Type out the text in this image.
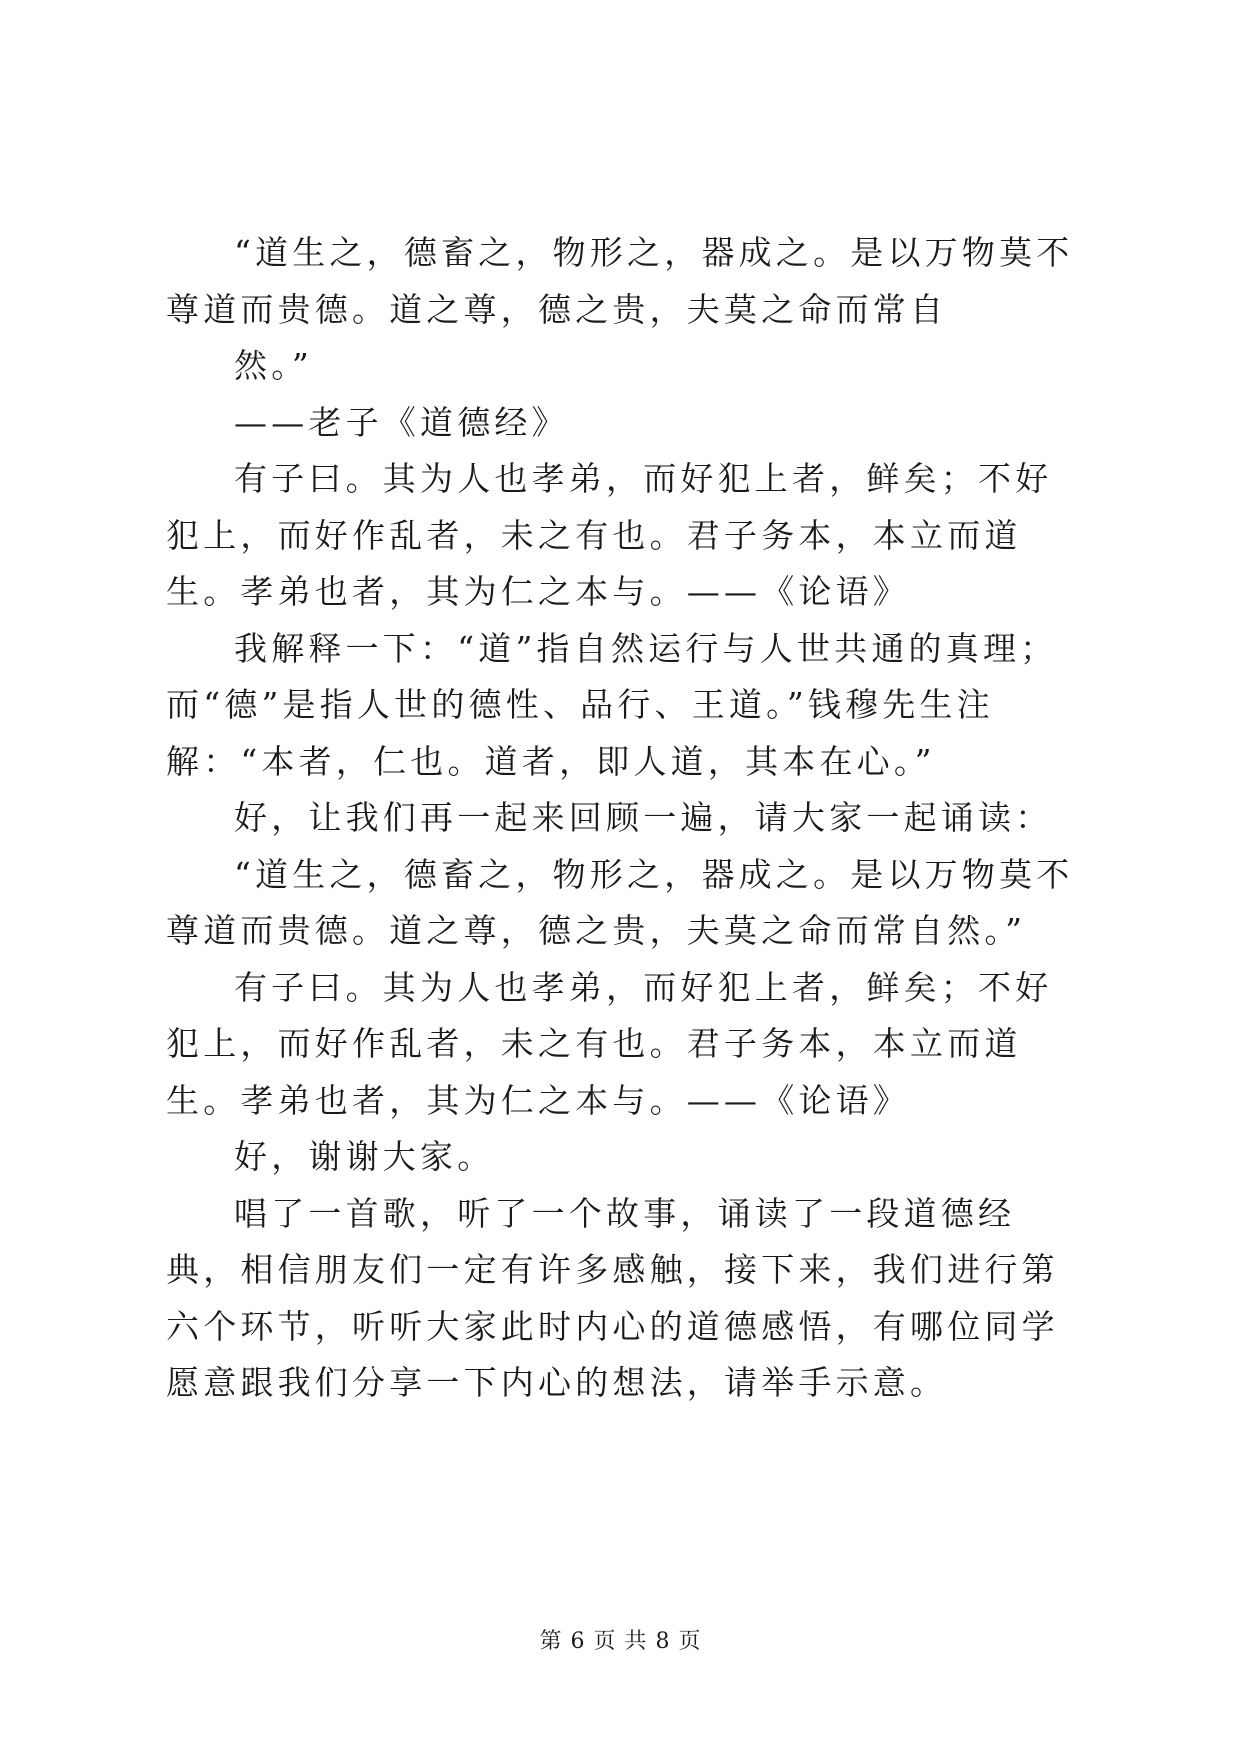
“道生之，德畜之，物形之，器成之。是以万物莫不尊道而贵德。道之尊，德之贵，夫莫之命而常自

然。”

——老子《道德经》

有子曰。其为人也孝弟，而好犯上者，鲜矣；不好犯上，而好作乱者，未之有也。君子务本，本立而道生。孝弟也者，其为仁之本与。——《论语》

我解释一下：“道”指自然运行与人世共通的真理；而“德”是指人世的德性、品行、王道。”钱穆先生注解：“本者，仁也。道者，即人道，其本在心。”

好，让我们再一起来回顾一遍，请大家一起诵读：

“道生之，德畜之，物形之，器成之。是以万物莫不尊道而贵德。道之尊，德之贵，夫莫之命而常自然。”

有子曰。其为人也孝弟，而好犯上者，鲜矣；不好犯上，而好作乱者，未之有也。君子务本，本立而道生。孝弟也者，其为仁之本与。——《论语》

好，谢谢大家。

唱了一首歌，听了一个故事，诵读了一段道德经典，相信朋友们一定有许多感触，接下来，我们进行第六个环节，听听大家此时内心的道德感悟，有哪位同学愿意跟我们分享一下内心的想法，请举手示意。

第 6 页 共 8 页
